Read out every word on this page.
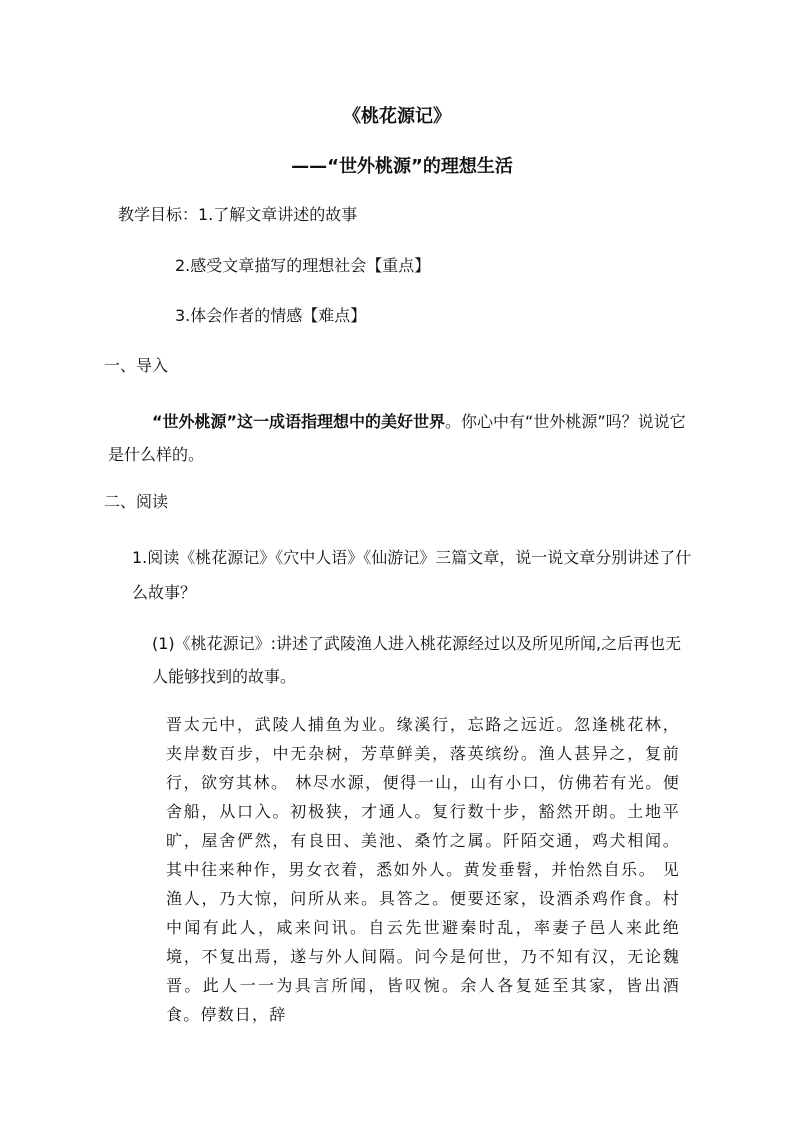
《桃花源记》
——“世外桃源”的理想生活
教学目标：1.了解文章讲述的故事
2.感受文章描写的理想社会【重点】
3.体会作者的情感【难点】
一、导入
“世外桃源”这一成语指理想中的美好世界。你心中有“世外桃源”吗？说说它是什么样的。
二、阅读
1.阅读《桃花源记》《穴中人语》《仙游记》三篇文章，说一说文章分别讲述了什么故事？
(1)《桃花源记》:讲述了武陵渔人进入桃花源经过以及所见所闻,之后再也无人能够找到的故事。
晋太元中，武陵人捕鱼为业。缘溪行，忘路之远近。忽逢桃花林，夹岸数百步，中无杂树，芳草鲜美，落英缤纷。渔人甚异之，复前行，欲穷其林。 林尽水源，便得一山，山有小口，仿佛若有光。便舍船，从口入。初极狭，才通人。复行数十步，豁然开朗。土地平旷，屋舍俨然，有良田、美池、桑竹之属。阡陌交通，鸡犬相闻。其中往来种作，男女衣着，悉如外人。黄发垂髫，并怡然自乐。 见渔人，乃大惊，问所从来。具答之。便要还家，设酒杀鸡作食。村中闻有此人，咸来问讯。自云先世避秦时乱，率妻子邑人来此绝境，不复出焉，遂与外人间隔。问今是何世，乃不知有汉，无论魏晋。此人一一为具言所闻，皆叹惋。余人各复延至其家，皆出酒食。停数日，辞
